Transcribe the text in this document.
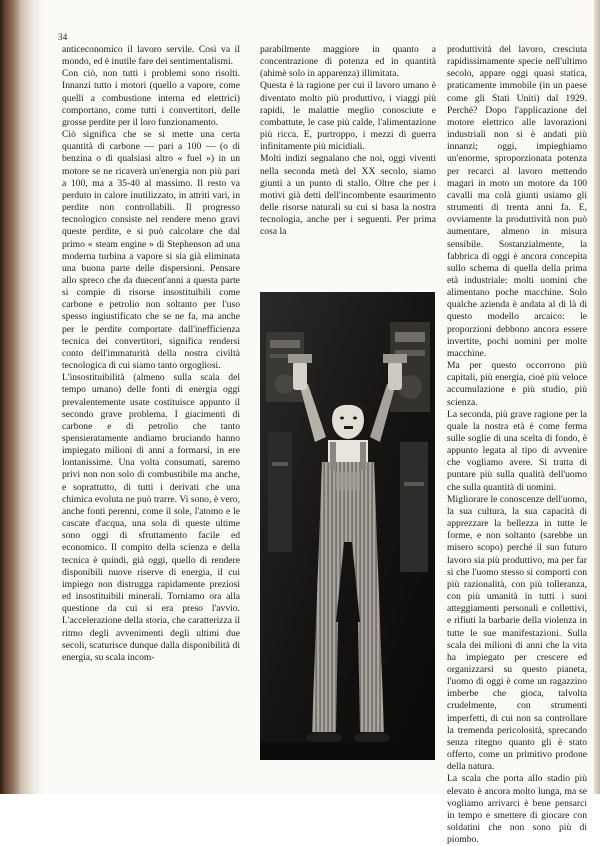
34

anticeconomico il lavoro servile. Così va il mondo, ed è inutile fare dei sentimentalismi.

Con ciò, non tutti i problemi sono risolti. Innanzi tutto i motori (quello a vapore, come quelli a combustione interna ed elettrici) comportano, come tutti i convertitori, delle grosse perdite per il loro funzionamento.

Ciò significa che se si mette una certa quantità di carbone — pari a 100 — (o di benzina o di qualsiasi altro « fuel ») in un motore se ne ricaverà un'energia non più pari a 100, ma a 35-40 al massimo. Il resto va perduto in calore inutilizzato, in attriti vari, in perdite non controllabili. Il progresso tecnologico consiste nel rendere meno gravi queste perdite, e si può calcolare che dal primo « steam engine » di Stephenson ad una moderna turbina a vapore si sia già eliminata una buona parte delle dispersioni. Pensare allo spreco che da duecent'anni a questa parte si compie di risorse insostituibili come carbone e petrolio non soltanto per l'uso spesso ingiustificato che se ne fa, ma anche per le perdite comportate dall'inefficienza tecnica dei convertitori, significa rendersi conto dell'immaturità della nostra civiltà tecnologica di cui siamo tanto orgogliosi.

L'insostituibilità (almeno sulla scala del tempo umano) delle fonti di energia oggi prevalentemente usate costituisce appunto il secondo grave problema. I giacimenti di carbone e di petrolio che tanto spensieratamente andiamo bruciando hanno impiegato milioni di anni a formarsi, in ere lontanissime. Una volta consumati, saremo privi non non solo di combustibile ma anche, e soprattutto, di tutti i derivati che una chimica evoluta ne può trarre. Vi sono, è vero, anche fonti perenni, come il sole, l'atomo e le cascate d'acqua, una sola di queste ultime sono oggi di sfruttamento facile ed economico. Il compito della scienza e della tecnica è quindi, già oggi, quello di rendere disponibili nuove riserve di energia, il cui impiego non distrugga rapidamente preziosi ed insostituibili minerali. Torniamo ora alla questione da cui si era preso l'avvio. L'accelerazione della storia, che caratterizza il ritmo degli avvenimenti degli ultimi due secoli, scaturisce dunque dalla disponibilità di energia, su scala incom-

parabilmente maggiore in quanto a concentrazione di potenza ed in quantità (ahimè solo in apparenza) illimitata.

Questa è la ragione per cui il lavoro umano è diventato molto più produttivo, i viaggi più rapidi, le malattie meglio conosciute e combattute, le case più calde, l'alimentazione più ricca. E, purtroppo, i mezzi di guerra infinitamente più micidiali.

Molti indizi segnalano che noi, oggi viventi nella seconda metà del XX secolo, siamo giunti a un punto di stallo. Oltre che per i motivi già detti dell'incombente esaurimento delle risorse naturali su cui si basa la nostra tecnologia, anche per i seguenti. Per prima cosa la

produttività del lavoro, cresciuta rapidissimamente specie nell'ultimo secolo, appare oggi quasi statica, praticamente immobile (in un paese come gli Stati Uniti) dal 1929. Perché? Dopo l'applicazione del motore elettrico alle lavorazioni industriali non si è andati più innanzi; oggi, impieghiamo un'enorme, sproporzionata potenza per recarci al lavoro mettendo magari in moto un motore da 100 cavalli ma colà giunti usiamo gli strumenti di trenta anni fa. E, ovviamente la produttività non può aumentare, almeno in misura sensibile. Sostanzialmente, la fabbrica di oggi è ancora concepita sullo schema di quella della prima età industriale: molti uomini che alimentano poche macchine. Solo qualche azienda è andata al di là di questo modello arcaico: le proporzioni debbono ancora essere invertite, pochi uomini per molte macchine.

Ma per questo occorrono più capitali, più energia, cioè più veloce accumulazione e più studio, più scienza.

La seconda, più grave ragione per la quale la nostra età è come ferma sulle soglie di una scelta di fondo, è appunto legata al tipo di avvenire che vogliamo avere. Si tratta di puntare più sulla qualità dell'uomo che sulla quantità di uomini.

Migliorare le conoscenze dell'uomo, la sua cultura, la sua capacità di apprezzare la bellezza in tutte le forme, e non soltanto (sarebbe un misero scopo) perché il suo futuro lavoro sia più produttivo, ma per far sì che l'uomo stesso si comporti con più razionalità, con più tolleranza, con più umanità in tutti i suoi atteggiamenti personali e collettivi, e rifiuti la barbarie della violenza in tutte le sue manifestazioni. Sulla scala dei milioni di anni che la vita ha impiegato per crescere ed organizzarsi su questo pianeta, l'uomo di oggi è come un ragazzino imberbe che gioca, talvolta crudelmente, con strumenti imperfetti, di cui non sa controllare la tremenda pericolosità, sprecando senza ritegno quanto gli è stato offerto, come un primitivo prodone della natura.

La scala che porta allo stadio più elevato è ancora molto lunga, ma se vogliamo arrivarci è bene pensarci in tempo e smettere di giocare con soldatini che non sono più di piombo.
